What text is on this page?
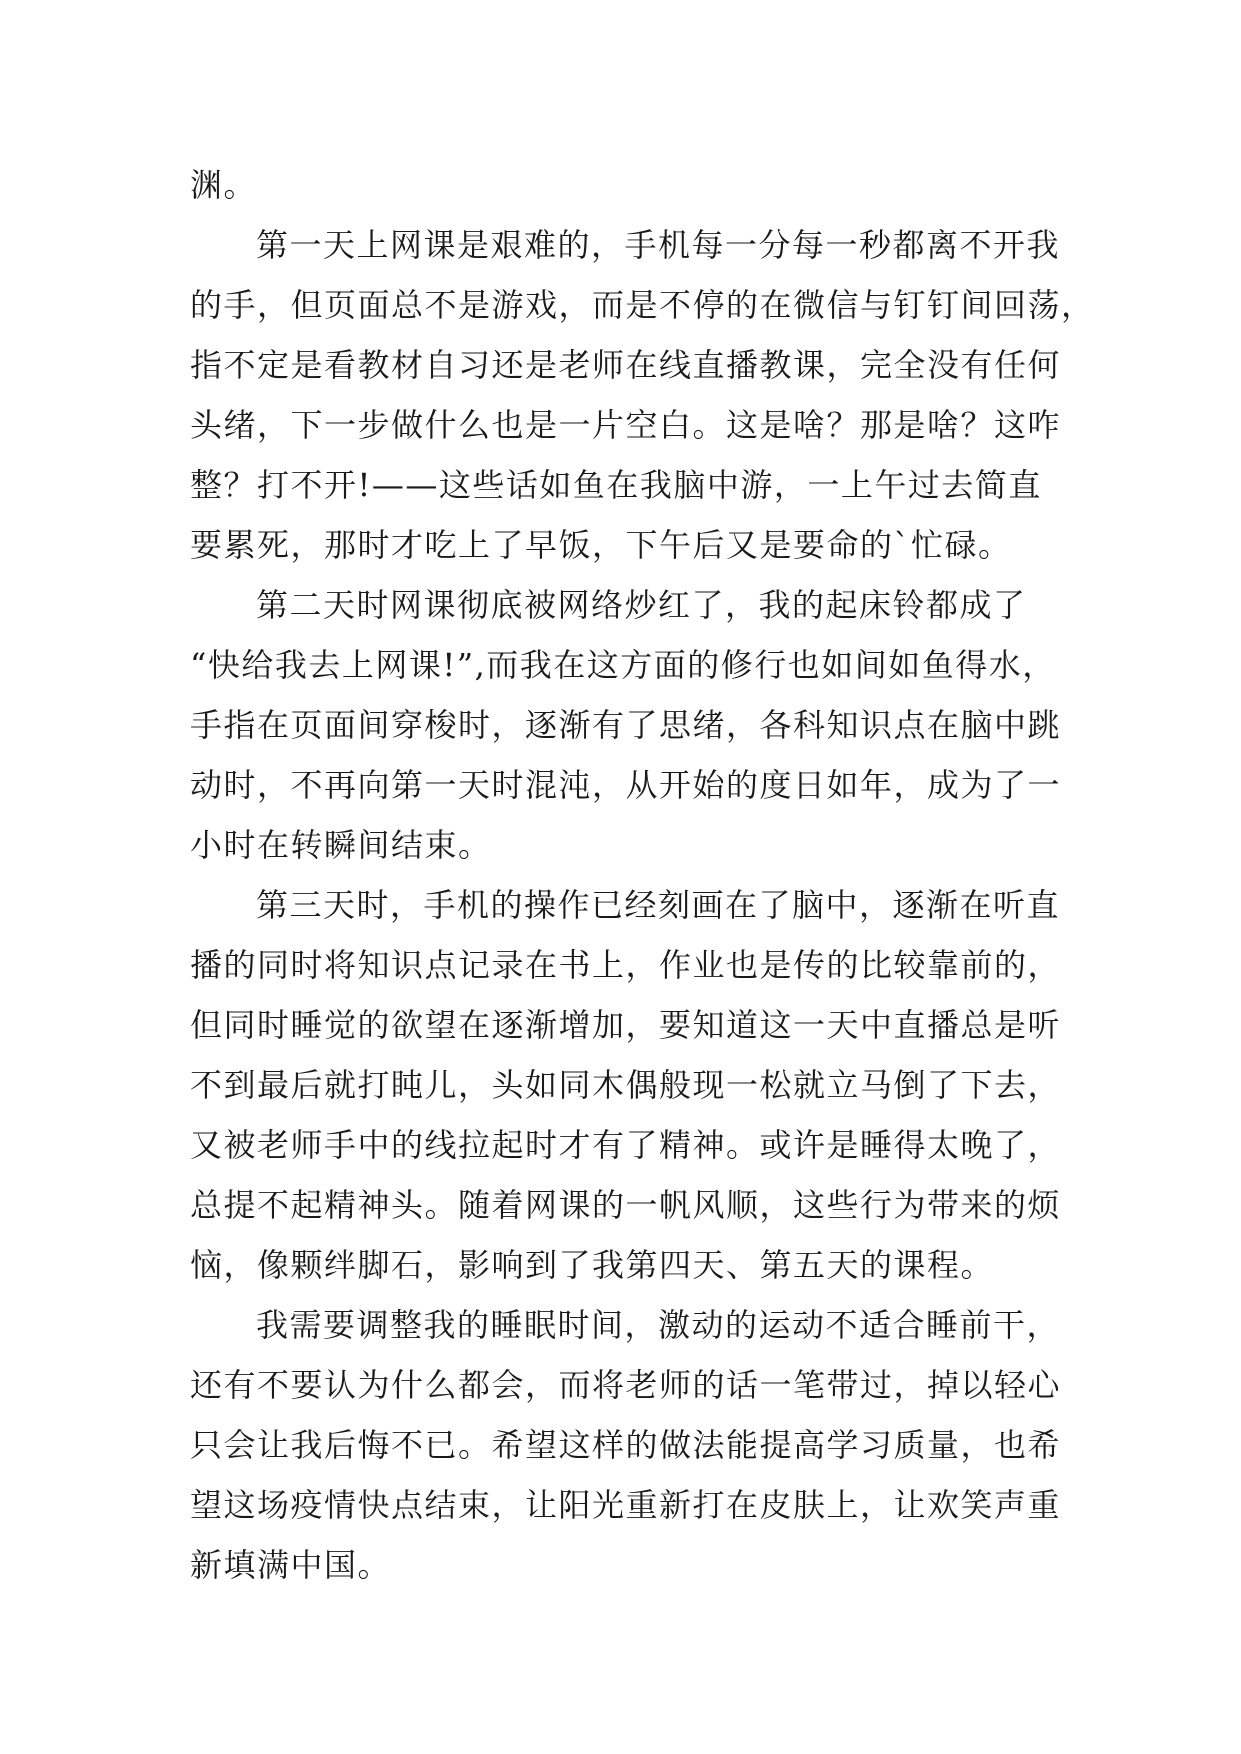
渊。
第一天上网课是艰难的，手机每一分每一秒都离不开我
的手，但页面总不是游戏，而是不停的在微信与钉钉间回荡，
指不定是看教材自习还是老师在线直播教课，完全没有任何
头绪，下一步做什么也是一片空白。这是啥？那是啥？这咋
整？打不开!——这些话如鱼在我脑中游，一上午过去简直
要累死，那时才吃上了早饭，下午后又是要命的`忙碌。
第二天时网课彻底被网络炒红了，我的起床铃都成了
“快给我去上网课!”,而我在这方面的修行也如间如鱼得水，
手指在页面间穿梭时，逐渐有了思绪，各科知识点在脑中跳
动时，不再向第一天时混沌，从开始的度日如年，成为了一
小时在转瞬间结束。
第三天时，手机的操作已经刻画在了脑中，逐渐在听直
播的同时将知识点记录在书上，作业也是传的比较靠前的，
但同时睡觉的欲望在逐渐增加，要知道这一天中直播总是听
不到最后就打盹儿，头如同木偶般现一松就立马倒了下去，
又被老师手中的线拉起时才有了精神。或许是睡得太晚了，
总提不起精神头。随着网课的一帆风顺，这些行为带来的烦
恼，像颗绊脚石，影响到了我第四天、第五天的课程。
我需要调整我的睡眠时间，激动的运动不适合睡前干，
还有不要认为什么都会，而将老师的话一笔带过，掉以轻心
只会让我后悔不已。希望这样的做法能提高学习质量，也希
望这场疫情快点结束，让阳光重新打在皮肤上，让欢笑声重
新填满中国。
